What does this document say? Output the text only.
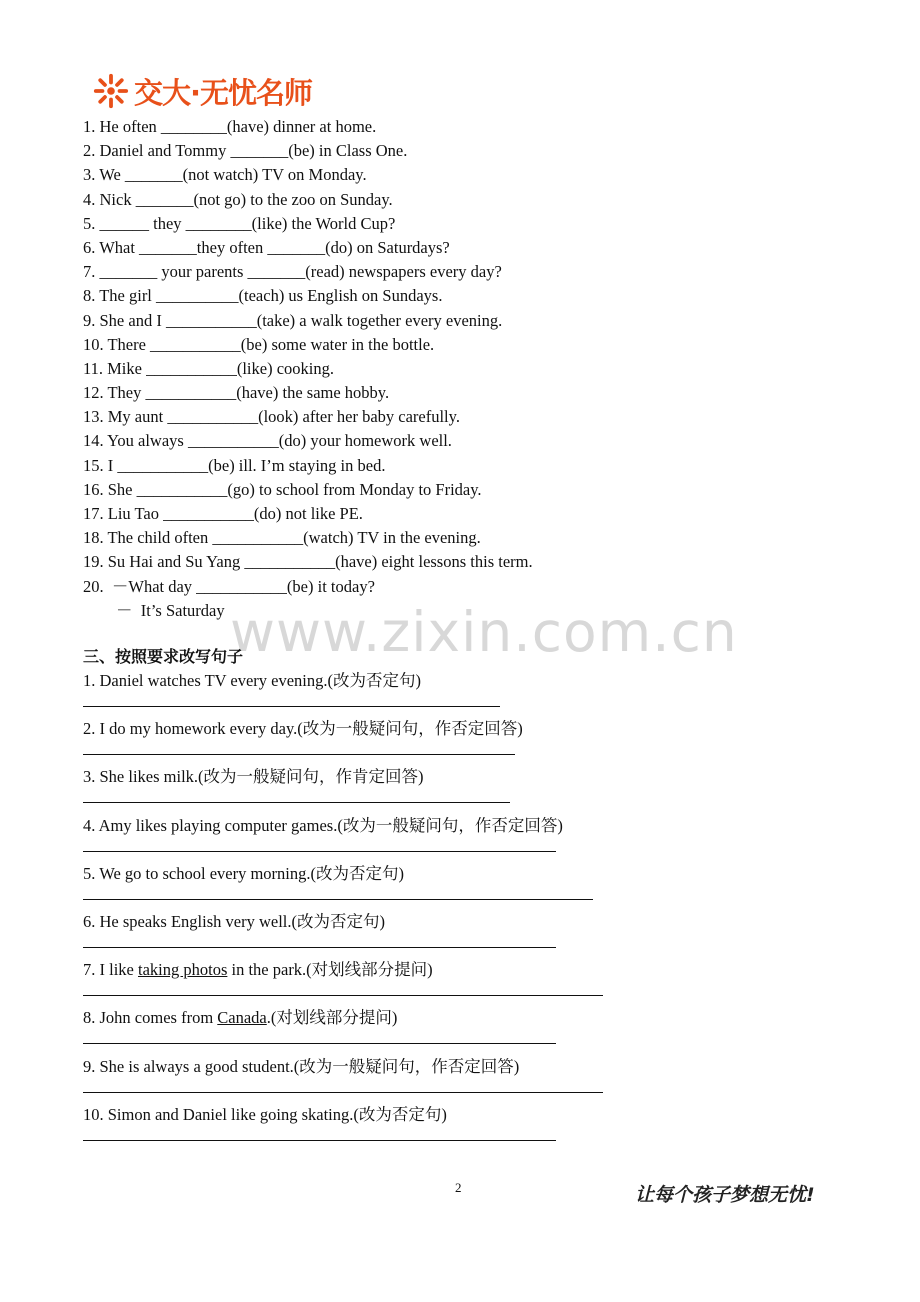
交大·无忧名师
1. He often ________(have) dinner at home.
2. Daniel and Tommy _______(be) in Class One.
3. We _______(not watch) TV on Monday.
4. Nick _______(not go) to the zoo on Sunday.
5. ______ they ________(like) the World Cup?
6. What _______they often _______(do) on Saturdays?
7. _______ your parents _______(read) newspapers every day?
8. The girl __________(teach) us English on Sundays.
9. She and I ___________(take) a walk together every evening.
10. There ___________(be) some water in the bottle.
11. Mike ___________(like) cooking.
12. They ___________(have) the same hobby.
13. My aunt ___________(look) after her baby carefully.
14. You always ___________(do) your homework well.
15. I ___________(be) ill. I’m staying in bed.
16. She ___________(go) to school from Monday to Friday.
17. Liu Tao ___________(do) not like PE.
18. The child often ___________(watch) TV in the evening.
19. Su Hai and Su Yang ___________(have) eight lessons this term.
20.  －What day ___________(be) it today?
－  It’s Saturday www.zixin.com.cn
三、按照要求改写句子
1. Daniel watches TV every evening.(改为否定句)
2. I do my homework every day.(改为一般疑问句，作否定回答)
3. She likes milk.(改为一般疑问句，作肯定回答)
4. Amy likes playing computer games.(改为一般疑问句，作否定回答)
5. We go to school every morning.(改为否定句)
6. He speaks English very well.(改为否定句)
7. I like taking photos in the park.(对划线部分提问)
8. John comes from Canada.(对划线部分提问)
9. She is always a good student.(改为一般疑问句，作否定回答)
10. Simon and Daniel like going skating.(改为否定句)
2	让每个孩子梦想无忧!
